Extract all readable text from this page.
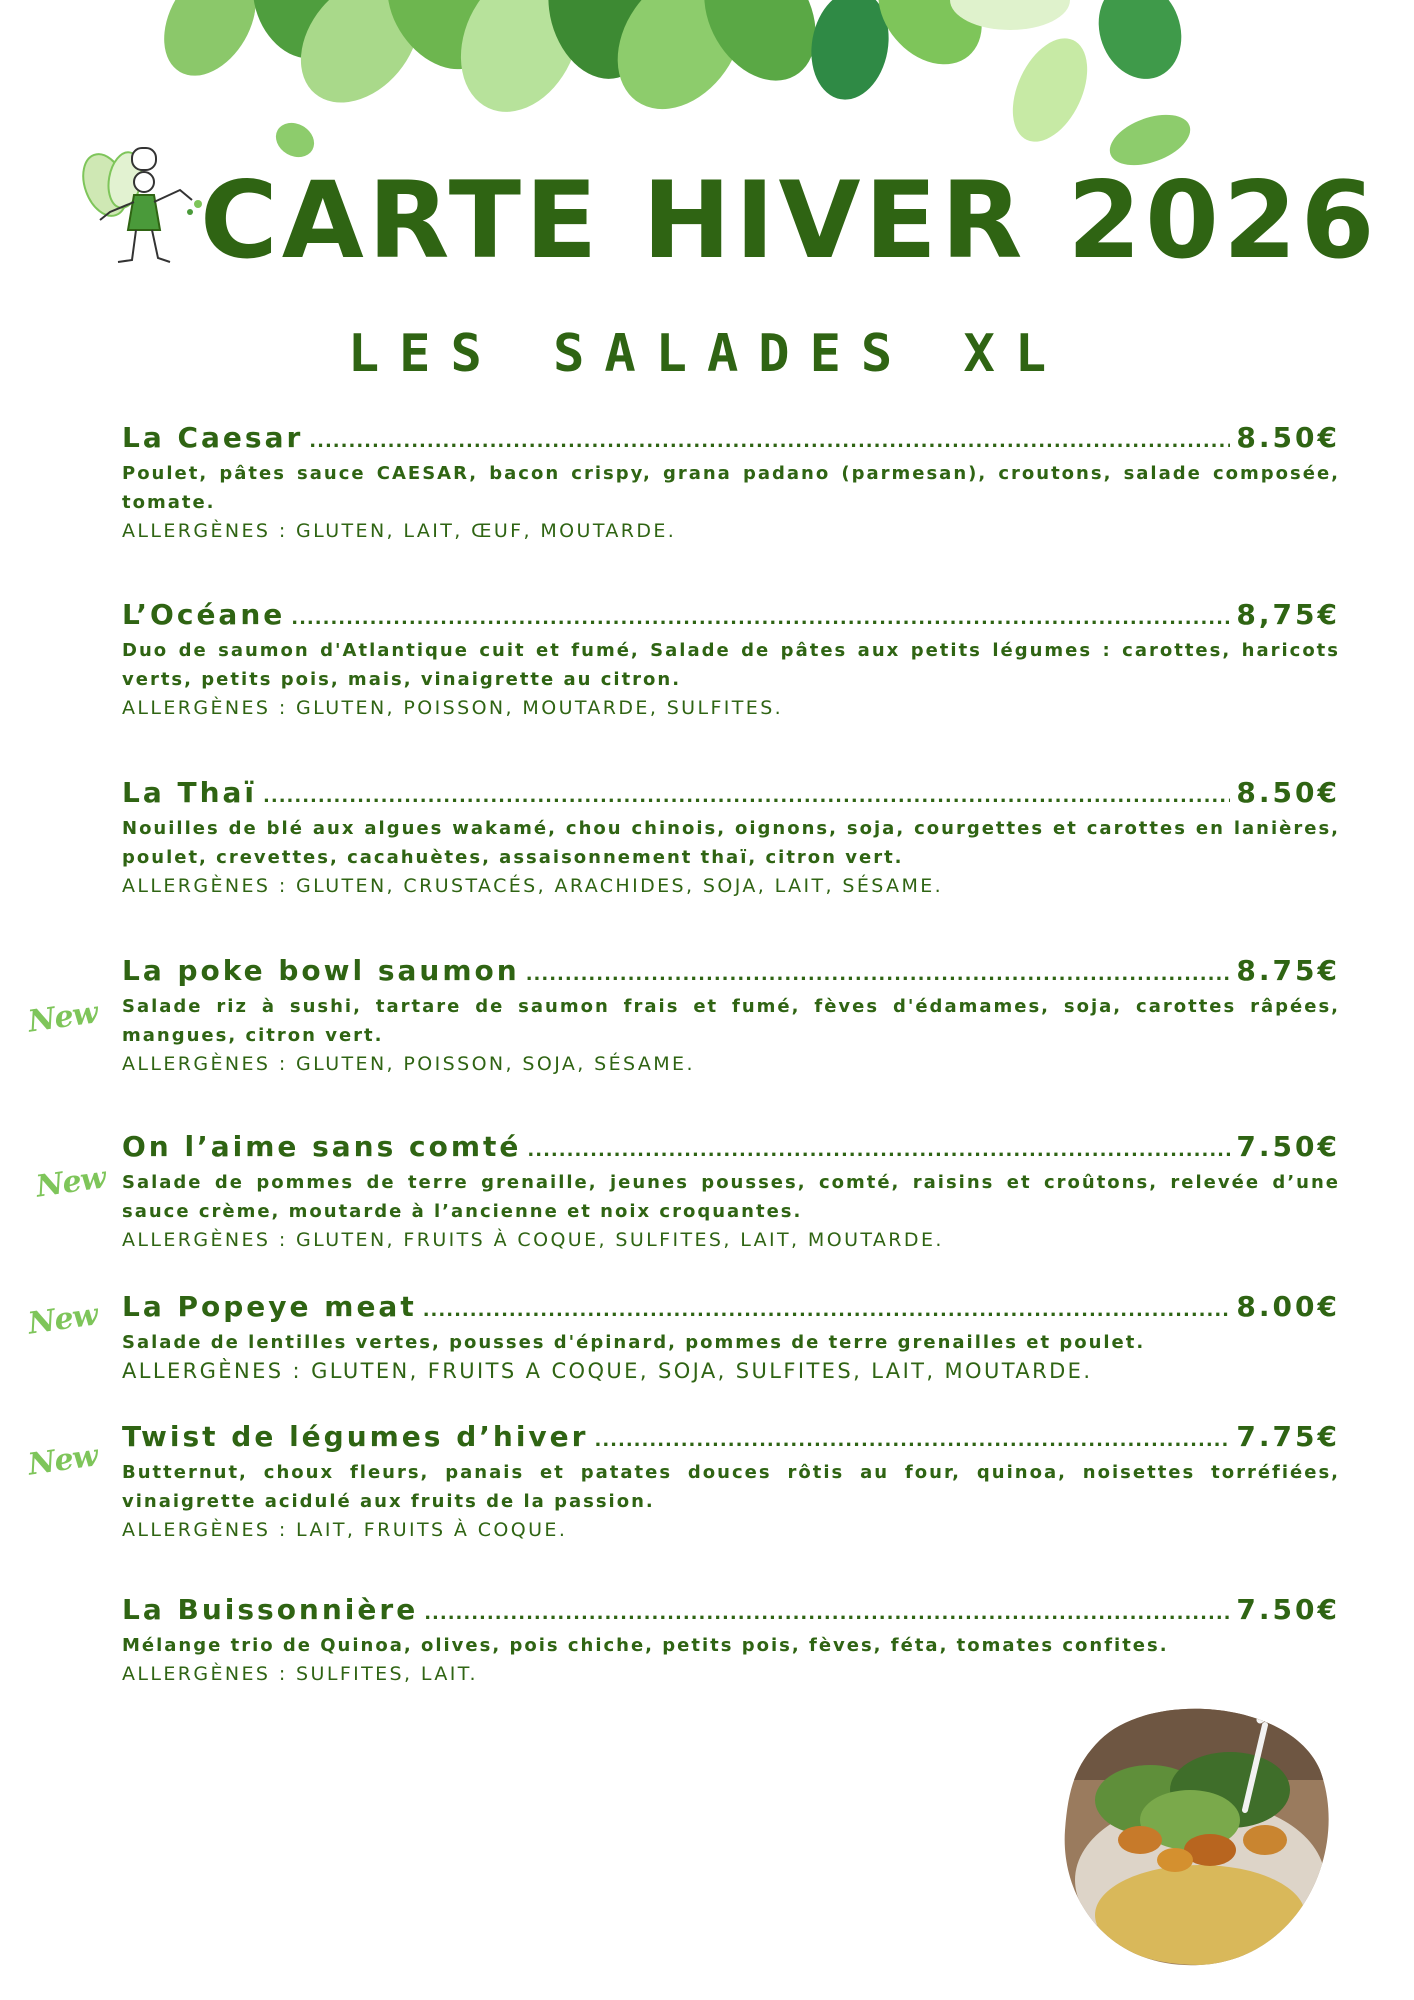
CARTE HIVER 2026
LES SALADES XL
La Caesar .....	8.50€
Poulet, pâtes sauce CAESAR, bacon crispy, grana padano (parmesan), croutons, salade composée, tomate.
ALLERGÈNES : GLUTEN, LAIT, ŒUF, MOUTARDE.
L’Océane .....	8,75€
Duo de saumon d'Atlantique cuit et fumé, Salade de pâtes aux petits légumes : carottes, haricots verts, petits pois, mais, vinaigrette au citron.
ALLERGÈNES : GLUTEN, POISSON, MOUTARDE, SULFITES.
La Thaï .....	8.50€
Nouilles de blé aux algues wakamé, chou chinois, oignons, soja, courgettes et carottes en lanières, poulet, crevettes, cacahuètes, assaisonnement thaï, citron vert.
ALLERGÈNES : GLUTEN, CRUSTACÉS, ARACHIDES, SOJA, LAIT, SÉSAME.
New
La poke bowl saumon .....	8.75€
Salade riz à sushi, tartare de saumon frais et fumé, fèves d'édamames, soja, carottes râpées, mangues, citron vert.
ALLERGÈNES : GLUTEN, POISSON, SOJA, SÉSAME.
New
On l’aime sans comté .....	7.50€
Salade de pommes de terre grenaille, jeunes pousses, comté, raisins et croûtons, relevée d’une sauce crème, moutarde à l’ancienne et noix croquantes.
ALLERGÈNES : GLUTEN, FRUITS À COQUE, SULFITES, LAIT, MOUTARDE.
New La Popeye meat .....	8.00€
Salade de lentilles vertes, pousses d'épinard, pommes de terre grenailles et poulet.
ALLERGÈNES : GLUTEN, FRUITS A COQUE, SOJA, SULFITES, LAIT, MOUTARDE.
New
Twist de légumes d’hiver .....	7.75€
Butternut, choux fleurs, panais et patates douces rôtis au four, quinoa, noisettes torréfiées, vinaigrette acidulé aux fruits de la passion.
ALLERGÈNES : LAIT, FRUITS À COQUE.
La Buissonnière .....	7.50€
Mélange trio de Quinoa, olives, pois chiche, petits pois, fèves, féta, tomates confites.
ALLERGÈNES : SULFITES, LAIT.
